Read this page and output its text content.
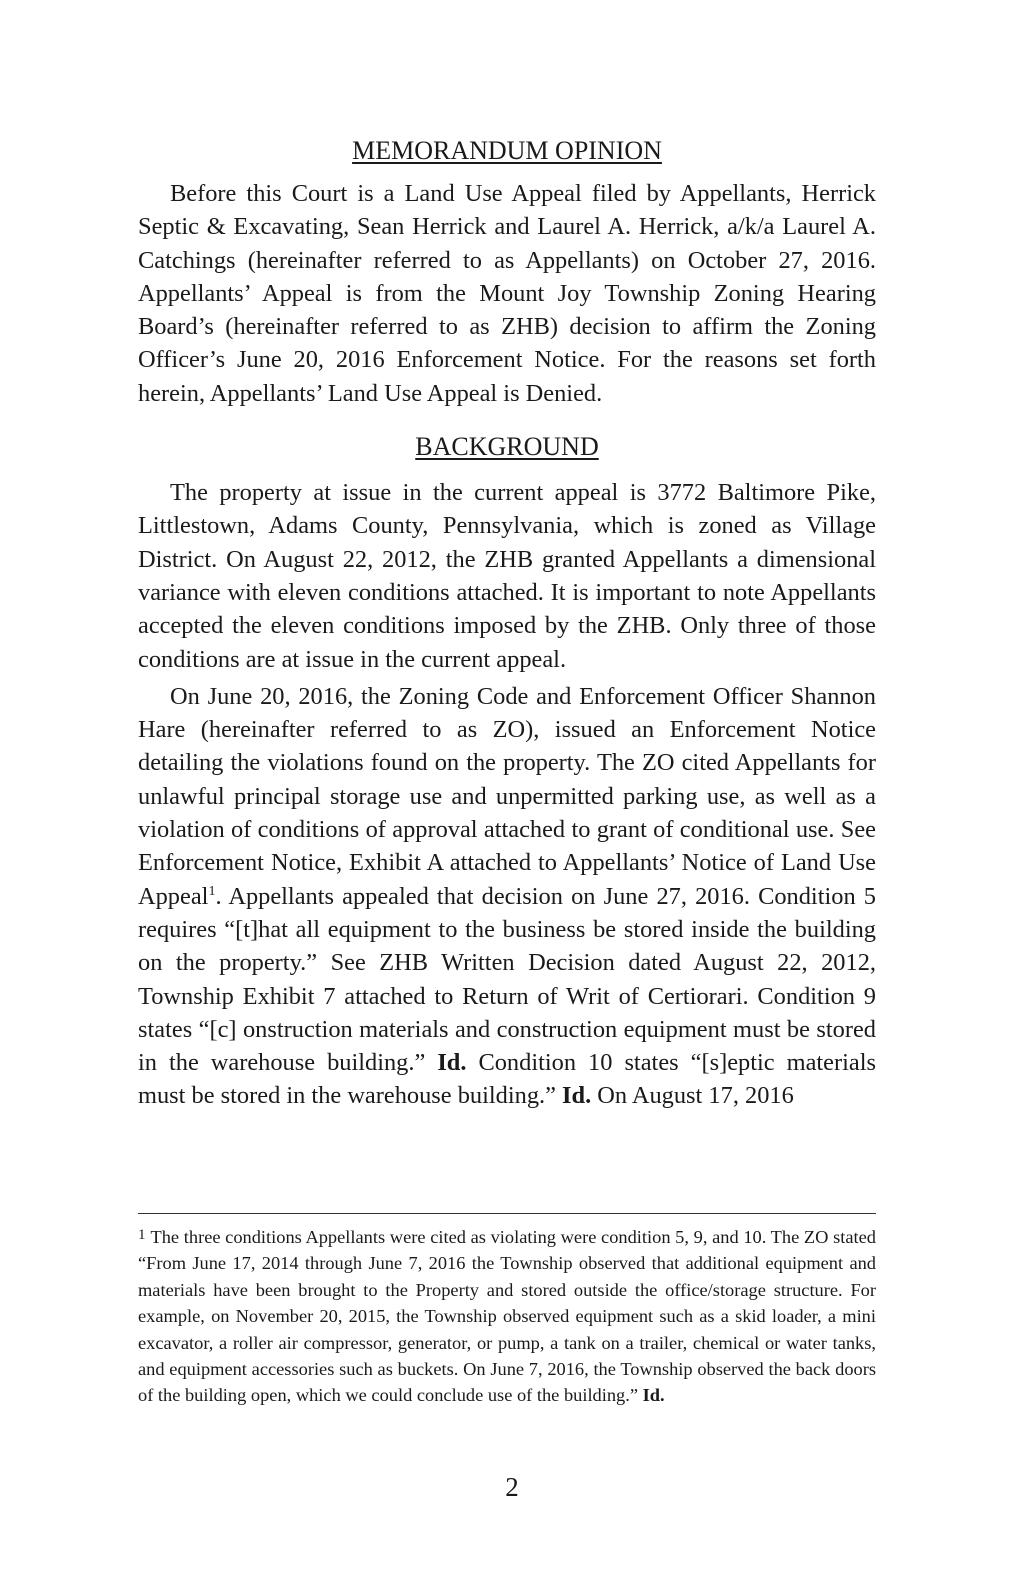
MEMORANDUM OPINION

Before this Court is a Land Use Appeal filed by Appellants, Herrick Septic & Excavating, Sean Herrick and Laurel A. Herrick, a/k/a Laurel A. Catchings (hereinafter referred to as Appellants) on October 27, 2016. Appellants’ Appeal is from the Mount Joy Township Zoning Hearing Board’s (hereinafter referred to as ZHB) decision to affirm the Zoning Officer’s June 20, 2016 Enforcement Notice. For the reasons set forth herein, Appellants’ Land Use Appeal is Denied.

BACKGROUND

The property at issue in the current appeal is 3772 Baltimore Pike, Littlestown, Adams County, Pennsylvania, which is zoned as Village District. On August 22, 2012, the ZHB granted Appellants a dimensional variance with eleven conditions attached. It is important to note Appellants accepted the eleven conditions imposed by the ZHB. Only three of those conditions are at issue in the current appeal.

On June 20, 2016, the Zoning Code and Enforcement Officer Shannon Hare (hereinafter referred to as ZO), issued an Enforcement Notice detailing the violations found on the property. The ZO cited Appellants for unlawful principal storage use and unpermitted parking use, as well as a violation of conditions of approval attached to grant of conditional use. See Enforcement Notice, Exhibit A attached to Appellants’ Notice of Land Use Appeal$^1$. Appellants appealed that decision on June 27, 2016. Condition 5 requires “[t]hat all equipment to the business be stored inside the building on the property.” See ZHB Written Decision dated August 22, 2012, Township Exhibit 7 attached to Return of Writ of Certiorari. Condition 9 states “[c] onstruction materials and construction equipment must be stored in the warehouse building.” Id. Condition 10 states “[s]eptic materials must be stored in the warehouse building.” Id. On August 17, 2016

$^1$ The three conditions Appellants were cited as violating were condition 5, 9, and 10. The ZO stated “From June 17, 2014 through June 7, 2016 the Township observed that additional equipment and materials have been brought to the Property and stored outside the office/storage structure. For example, on November 20, 2015, the Township observed equipment such as a skid loader, a mini excavator, a roller air compressor, generator, or pump, a tank on a trailer, chemical or water tanks, and equipment accessories such as buckets. On June 7, 2016, the Township observed the back doors of the building open, which we could conclude use of the building.” Id.

2
